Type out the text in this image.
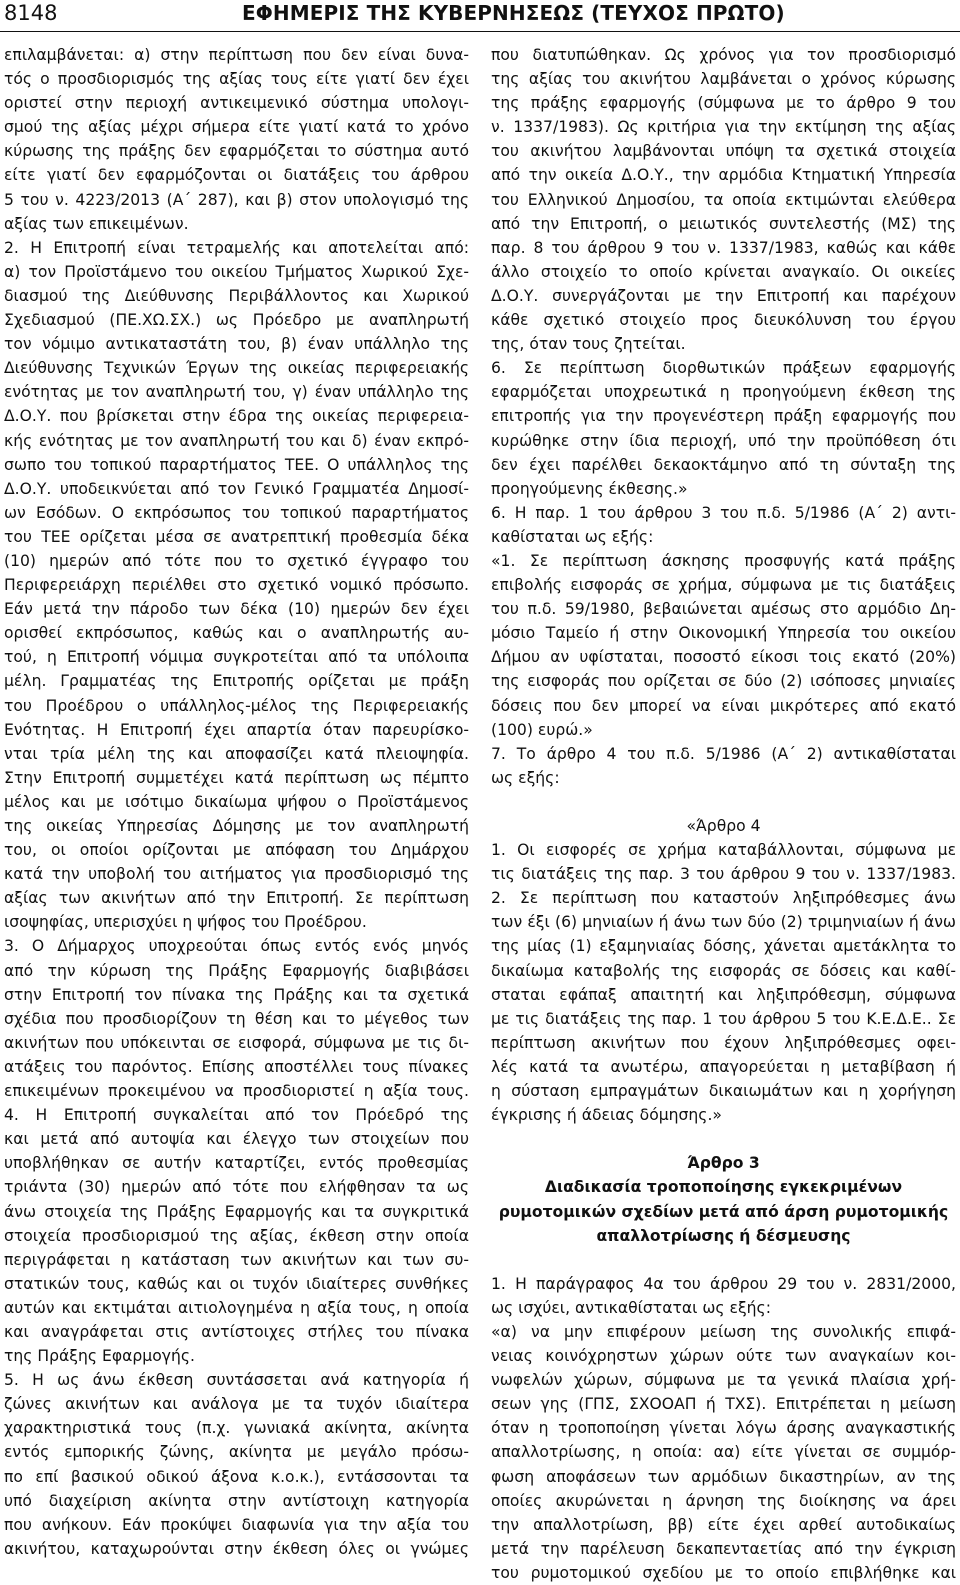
8148	ΕΦΗΜΕΡΙΣ ΤΗΣ ΚΥΒΕΡΝΗΣΕΩΣ (ΤΕΥΧΟΣ ΠΡΩΤΟ)
επιλαμβάνεται: α) στην περίπτωση που δεν είναι δυνα‑
τός ο προσδιορισμός της αξίας τους είτε γιατί δεν έχει
οριστεί στην περιοχή αντικειμενικό σύστημα υπολογι‑
σμού της αξίας μέχρι σήμερα είτε γιατί κατά το χρόνο
κύρωσης της πράξης δεν εφαρμόζεται το σύστημα αυτό
είτε γιατί δεν εφαρμόζονται οι διατάξεις του άρθρου
5 του ν. 4223/2013 (Α΄ 287), και β) στον υπολογισμό της
αξίας των επικειμένων.
2. Η Επιτροπή είναι τετραμελής και αποτελείται από:
α) τον Προϊστάμενο του οικείου Τμήματος Χωρικού Σχε‑
διασμού της Διεύθυνσης Περιβάλλοντος και Χωρικού
Σχεδιασμού (ΠΕ.ΧΩ.ΣΧ.) ως Πρόεδρο με αναπληρωτή
τον νόμιμο αντικαταστάτη του, β) έναν υπάλληλο της
Διεύθυνσης Τεχνικών Έργων της οικείας περιφερειακής
ενότητας με τον αναπληρωτή του, γ) έναν υπάλληλο της
Δ.Ο.Υ. που βρίσκεται στην έδρα της οικείας περιφερεια‑
κής ενότητας με τον αναπληρωτή του και δ) έναν εκπρό‑
σωπο του τοπικού παραρτήματος ΤΕΕ. Ο υπάλληλος της
Δ.Ο.Υ. υποδεικνύεται από τον Γενικό Γραμματέα Δημοσί‑
ων Εσόδων. Ο εκπρόσωπος του τοπικού παραρτήματος
του ΤΕΕ ορίζεται μέσα σε ανατρεπτική προθεσμία δέκα
(10) ημερών από τότε που το σχετικό έγγραφο του
Περιφερειάρχη περιέλθει στο σχετικό νομικό πρόσωπο.
Εάν μετά την πάροδο των δέκα (10) ημερών δεν έχει
ορισθεί εκπρόσωπος, καθώς και ο αναπληρωτής αυ‑
τού, η Επιτροπή νόμιμα συγκροτείται από τα υπόλοιπα
μέλη. Γραμματέας της Επιτροπής ορίζεται με πράξη
του Προέδρου ο υπάλληλος‑μέλος της Περιφερειακής
Ενότητας. Η Επιτροπή έχει απαρτία όταν παρευρίσκο‑
νται τρία μέλη της και αποφασίζει κατά πλειοψηφία.
Στην Επιτροπή συμμετέχει κατά περίπτωση ως πέμπτο
μέλος και με ισότιμο δικαίωμα ψήφου ο Προϊστάμενος
της οικείας Υπηρεσίας Δόμησης με τον αναπληρωτή
του, οι οποίοι ορίζονται με απόφαση του Δημάρχου
κατά την υποβολή του αιτήματος για προσδιορισμό της
αξίας των ακινήτων από την Επιτροπή. Σε περίπτωση
ισοψηφίας, υπερισχύει η ψήφος του Προέδρου.
3. Ο Δήμαρχος υποχρεούται όπως εντός ενός μηνός
από την κύρωση της Πράξης Εφαρμογής διαβιβάσει
στην Επιτροπή τον πίνακα της Πράξης και τα σχετικά
σχέδια που προσδιορίζουν τη θέση και το μέγεθος των
ακινήτων που υπόκεινται σε εισφορά, σύμφωνα με τις δι‑
ατάξεις του παρόντος. Επίσης αποστέλλει τους πίνακες
επικειμένων προκειμένου να προσδιοριστεί η αξία τους.
4. Η Επιτροπή συγκαλείται από τον Πρόεδρό της
και μετά από αυτοψία και έλεγχο των στοιχείων που
υποβλήθηκαν σε αυτήν καταρτίζει, εντός προθεσμίας
τριάντα (30) ημερών από τότε που ελήφθησαν τα ως
άνω στοιχεία της Πράξης Εφαρμογής και τα συγκριτικά
στοιχεία προσδιορισμού της αξίας, έκθεση στην οποία
περιγράφεται η κατάσταση των ακινήτων και των συ‑
στατικών τους, καθώς και οι τυχόν ιδιαίτερες συνθήκες
αυτών και εκτιμάται αιτιολογημένα η αξία τους, η οποία
και αναγράφεται στις αντίστοιχες στήλες του πίνακα
της Πράξης Εφαρμογής.
5. Η ως άνω έκθεση συντάσσεται ανά κατηγορία ή
ζώνες ακινήτων και ανάλογα με τα τυχόν ιδιαίτερα
χαρακτηριστικά τους (π.χ. γωνιακά ακίνητα, ακίνητα
εντός εμπορικής ζώνης, ακίνητα με μεγάλο πρόσω‑
πο επί βασικού οδικού άξονα κ.ο.κ.), εντάσσονται τα
υπό διαχείριση ακίνητα στην αντίστοιχη κατηγορία
που ανήκουν. Εάν προκύψει διαφωνία για την αξία του
ακινήτου, καταχωρούνται στην έκθεση όλες οι γνώμες
που διατυπώθηκαν. Ως χρόνος για τον προσδιορισμό
της αξίας του ακινήτου λαμβάνεται ο χρόνος κύρωσης
της πράξης εφαρμογής (σύμφωνα με το άρθρο 9 του
ν. 1337/1983). Ως κριτήρια για την εκτίμηση της αξίας
του ακινήτου λαμβάνονται υπόψη τα σχετικά στοιχεία
από την οικεία Δ.Ο.Υ., την αρμόδια Κτηματική Υπηρεσία
του Ελληνικού Δημοσίου, τα οποία εκτιμώνται ελεύθερα
από την Επιτροπή, ο μειωτικός συντελεστής (ΜΣ) της
παρ. 8 του άρθρου 9 του ν. 1337/1983, καθώς και κάθε
άλλο στοιχείο το οποίο κρίνεται αναγκαίο. Οι οικείες
Δ.Ο.Υ. συνεργάζονται με την Επιτροπή και παρέχουν
κάθε σχετικό στοιχείο προς διευκόλυνση του έργου
της, όταν τους ζητείται.
6. Σε περίπτωση διορθωτικών πράξεων εφαρμογής
εφαρμόζεται υποχρεωτικά η προηγούμενη έκθεση της
επιτροπής για την προγενέστερη πράξη εφαρμογής που
κυρώθηκε στην ίδια περιοχή, υπό την προϋπόθεση ότι
δεν έχει παρέλθει δεκαοκτάμηνο από τη σύνταξη της
προηγούμενης έκθεσης.»
6. Η παρ. 1 του άρθρου 3 του π.δ. 5/1986 (Α΄ 2) αντι‑
καθίσταται ως εξής:
«1. Σε περίπτωση άσκησης προσφυγής κατά πράξης
επιβολής εισφοράς σε χρήμα, σύμφωνα με τις διατάξεις
του π.δ. 59/1980, βεβαιώνεται αμέσως στο αρμόδιο Δη‑
μόσιο Ταμείο ή στην Οικονομική Υπηρεσία του οικείου
Δήμου αν υφίσταται, ποσοστό είκοσι τοις εκατό (20%)
της εισφοράς που ορίζεται σε δύο (2) ισόποσες μηνιαίες
δόσεις που δεν μπορεί να είναι μικρότερες από εκατό
(100) ευρώ.»
7. Το άρθρο 4 του π.δ. 5/1986 (Α΄ 2) αντικαθίσταται
ως εξής:
«Άρθρο 4
1. Οι εισφορές σε χρήμα καταβάλλονται, σύμφωνα με
τις διατάξεις της παρ. 3 του άρθρου 9 του ν. 1337/1983.
2. Σε περίπτωση που καταστούν ληξιπρόθεσμες άνω
των έξι (6) μηνιαίων ή άνω των δύο (2) τριμηνιαίων ή άνω
της μίας (1) εξαμηνιαίας δόσης, χάνεται αμετάκλητα το
δικαίωμα καταβολής της εισφοράς σε δόσεις και καθί‑
σταται εφάπαξ απαιτητή και ληξιπρόθεσμη, σύμφωνα
με τις διατάξεις της παρ. 1 του άρθρου 5 του Κ.Ε.Δ.Ε.. Σε
περίπτωση ακινήτων που έχουν ληξιπρόθεσμες οφει‑
λές κατά τα ανωτέρω, απαγορεύεται η μεταβίβαση ή
η σύσταση εμπραγμάτων δικαιωμάτων και η χορήγηση
έγκρισης ή άδειας δόμησης.»
Άρθρο 3
Διαδικασία τροποποίησης εγκεκριμένων
ρυμοτομικών σχεδίων μετά από άρση ρυμοτομικής
απαλλοτρίωσης ή δέσμευσης
1. Η παράγραφος 4α του άρθρου 29 του ν. 2831/2000,
ως ισχύει, αντικαθίσταται ως εξής:
«α) να μην επιφέρουν μείωση της συνολικής επιφά‑
νειας κοινόχρηστων χώρων ούτε των αναγκαίων κοι‑
νωφελών χώρων, σύμφωνα με τα γενικά πλαίσια χρή‑
σεων γης (ΓΠΣ, ΣΧΟΟΑΠ ή ΤΧΣ). Επιτρέπεται η μείωση
όταν η τροποποίηση γίνεται λόγω άρσης αναγκαστικής
απαλλοτρίωσης, η οποία: αα) είτε γίνεται σε συμμόρ‑
φωση αποφάσεων των αρμόδιων δικαστηρίων, αν της
οποίες ακυρώνεται η άρνηση της διοίκησης να άρει
την απαλλοτρίωση, ββ) είτε έχει αρθεί αυτοδικαίως
μετά την παρέλευση δεκαπενταετίας από την έγκριση
του ρυμοτομικού σχεδίου με το οποίο επιβλήθηκε και
